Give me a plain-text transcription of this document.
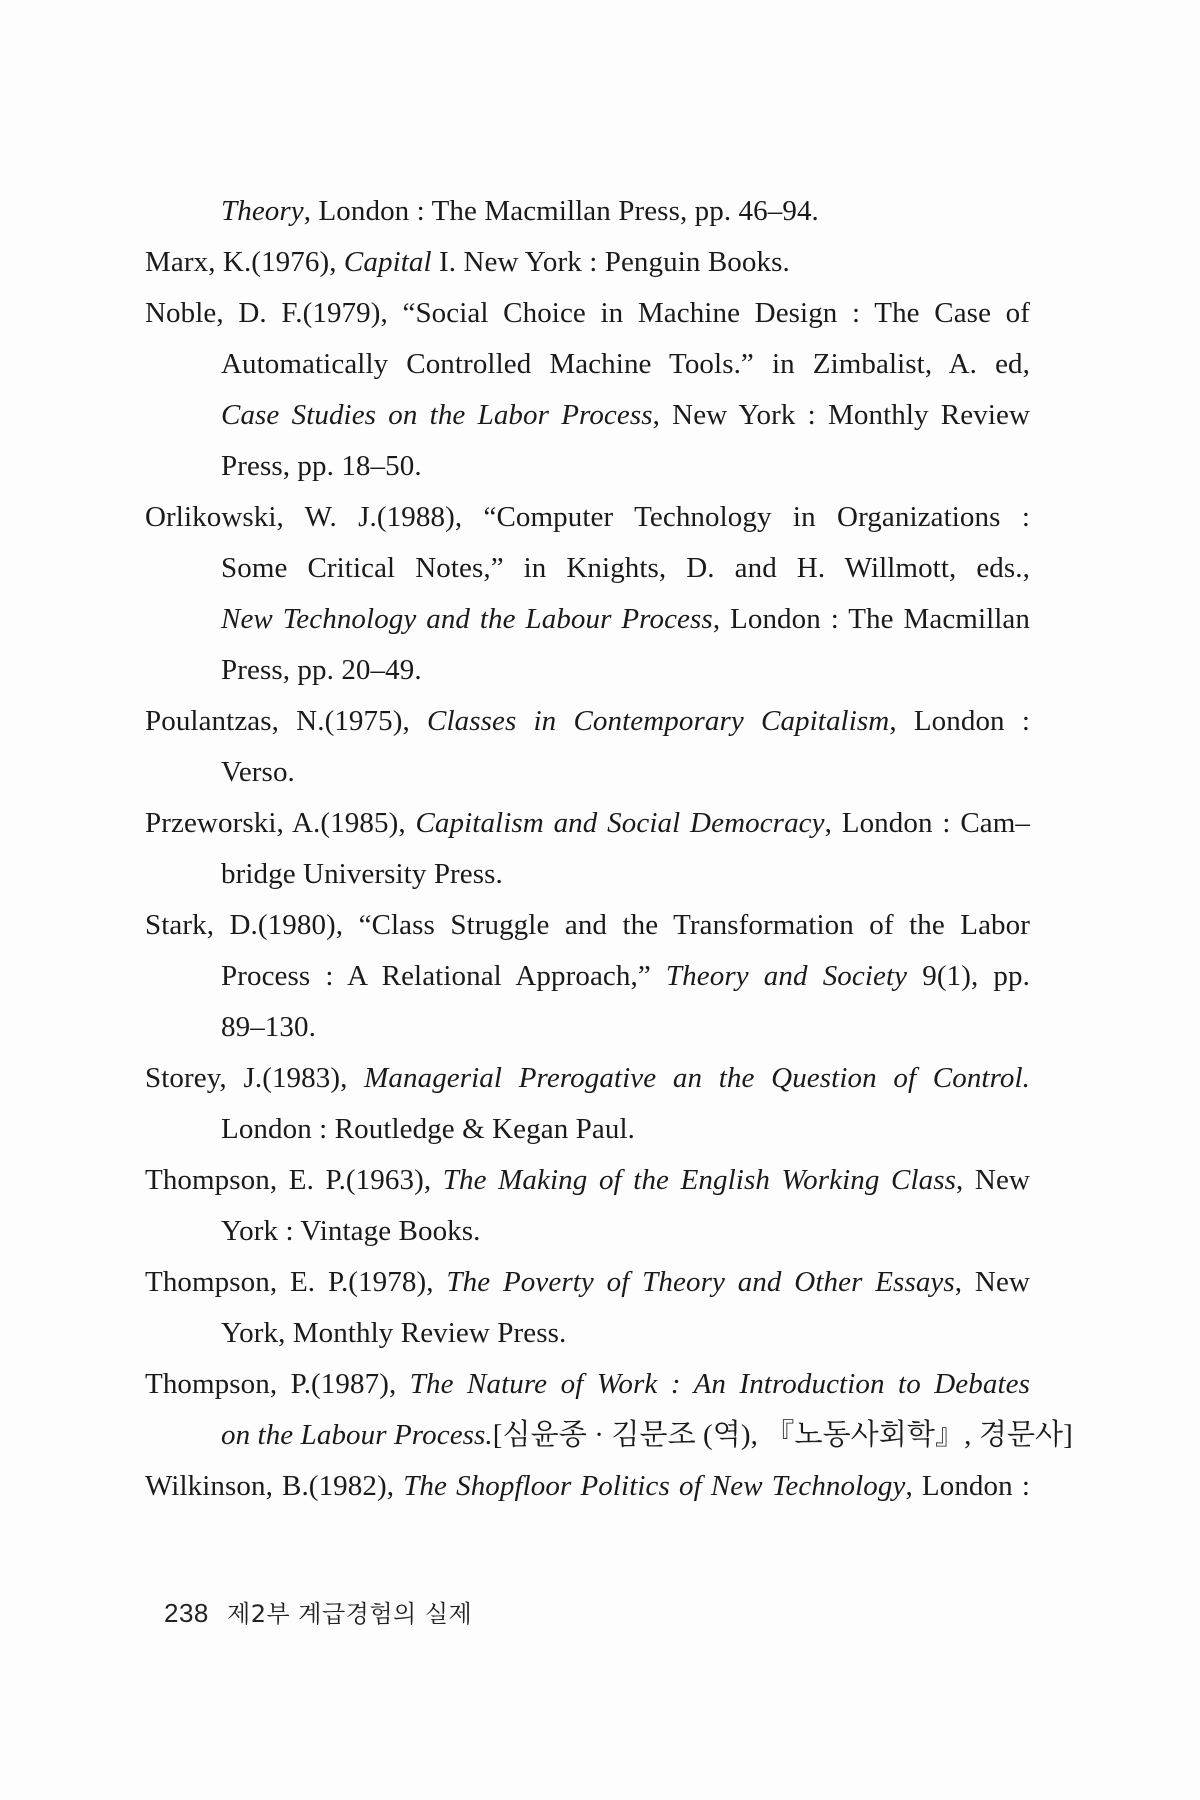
Theory, London : The Macmillan Press, pp. 46–94.
Marx, K.(1976), Capital I. New York : Penguin Books.
Noble, D. F.(1979), “Social Choice in Machine Design : The Case of
Automatically Controlled Machine Tools.” in Zimbalist, A. ed,
Case Studies on the Labor Process, New York : Monthly Review
Press, pp. 18–50.
Orlikowski, W. J.(1988), “Computer Technology in Organizations :
Some Critical Notes,” in Knights, D. and H. Willmott, eds.,
New Technology and the Labour Process, London : The Macmillan
Press, pp. 20–49.
Poulantzas, N.(1975), Classes in Contemporary Capitalism, London :
Verso.
Przeworski, A.(1985), Capitalism and Social Democracy, London : Cam–
bridge University Press.
Stark, D.(1980), “Class Struggle and the Transformation of the Labor
Process : A Relational Approach,” Theory and Society 9(1), pp.
89–130.
Storey, J.(1983), Managerial Prerogative an the Question of Control.
London : Routledge & Kegan Paul.
Thompson, E. P.(1963), The Making of the English Working Class, New
York : Vintage Books.
Thompson, E. P.(1978), The Poverty of Theory and Other Essays, New
York, Monthly Review Press.
Thompson, P.(1987), The Nature of Work : An Introduction to Debates
on the Labour Process.[심윤종 · 김문조 (역), 『노동사회학』, 경문사]
Wilkinson, B.(1982), The Shopfloor Politics of New Technology, London :
238 제2부 계급경험의 실제
